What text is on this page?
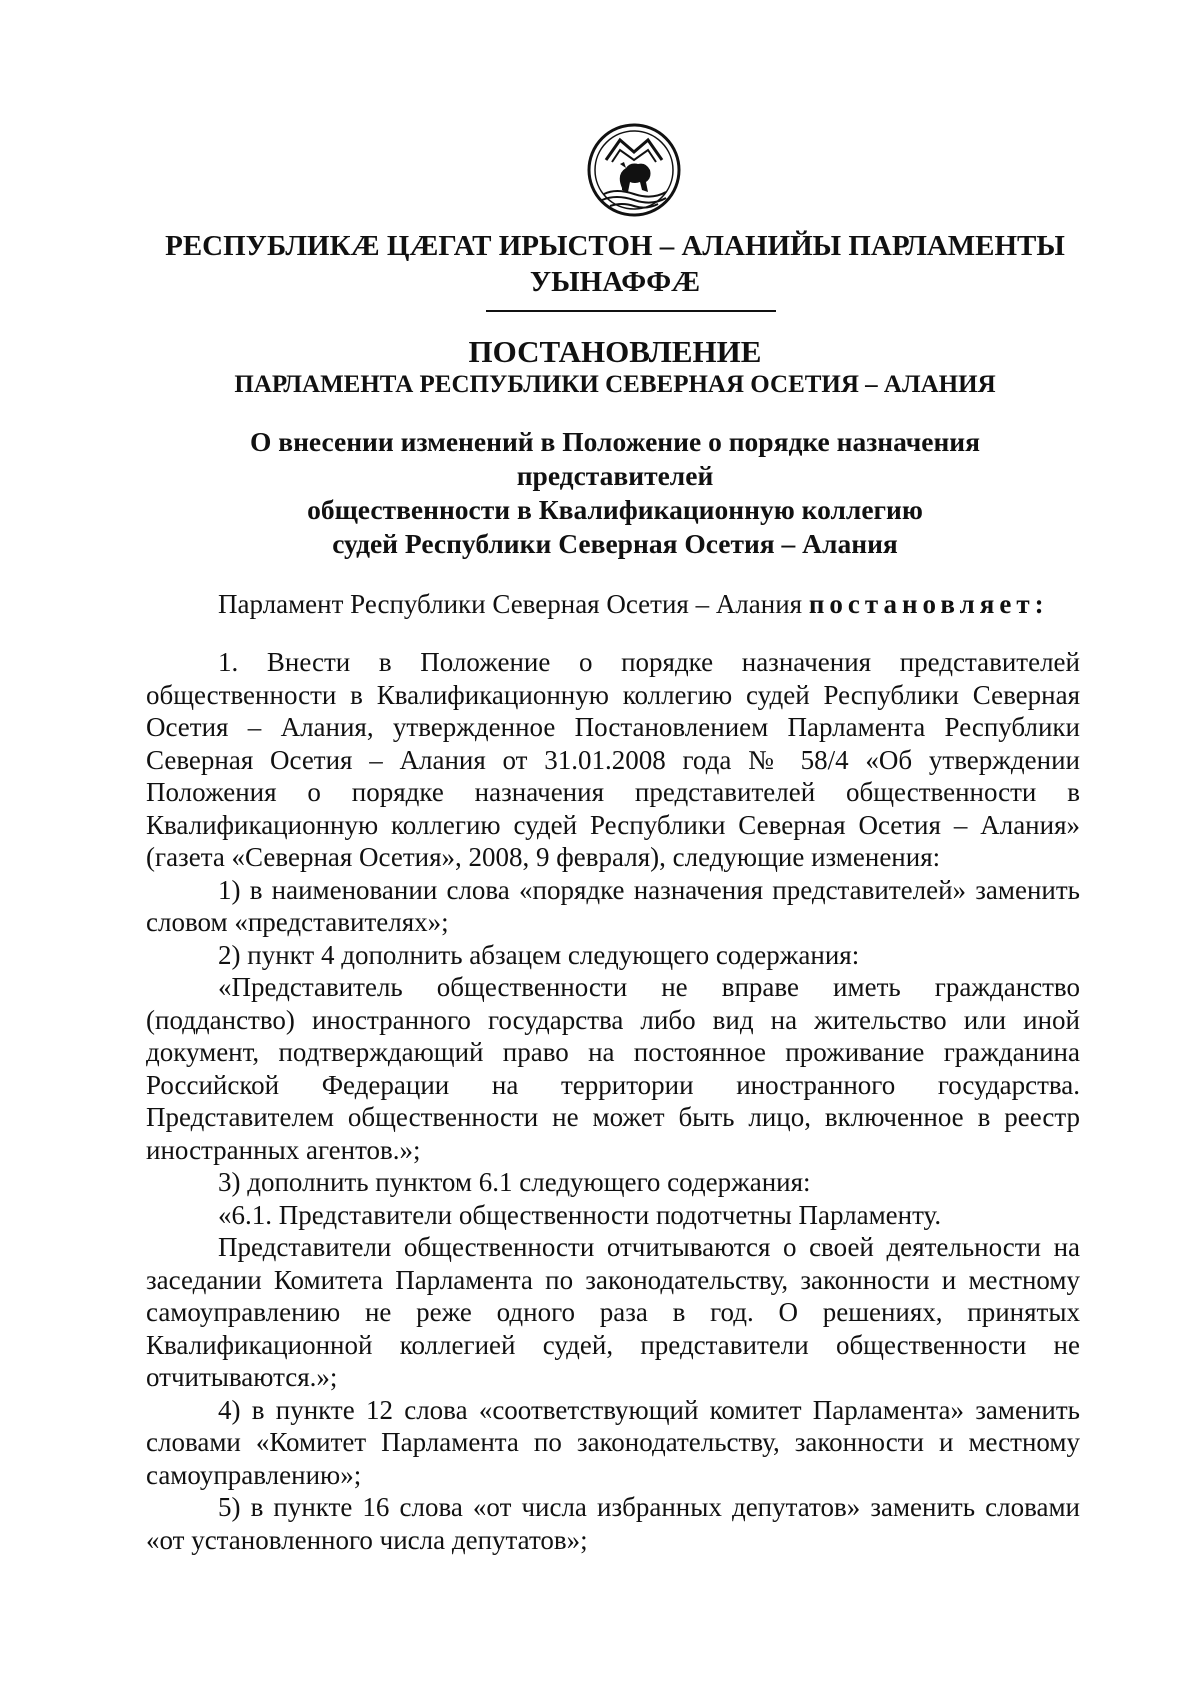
РЕСПУБЛИКӔ ЦӔГАТ ИРЫСТОН – АЛАНИЙЫ ПАРЛАМЕНТЫ
УЫНАФФӔ
ПОСТАНОВЛЕНИЕ
ПАРЛАМЕНТА РЕСПУБЛИКИ СЕВЕРНАЯ ОСЕТИЯ – АЛАНИЯ
О внесении изменений в Положение о порядке назначения представителей
общественности в Квалификационную коллегию
судей Республики Северная Осетия – Алания
Парламент Республики Северная Осетия – Алания постановляет:

1. Внести в Положение о порядке назначения представителей общественности в Квалификационную коллегию судей Республики Северная Осетия – Алания, утвержденное Постановлением Парламента Республики Северная Осетия – Алания от 31.01.2008 года № 58/4 «Об утверждении Положения о порядке назначения представителей общественности в Квалификационную коллегию судей Республики Северная Осетия – Алания» (газета «Северная Осетия», 2008, 9 февраля), следующие изменения:

1) в наименовании слова «порядке назначения представителей» заменить словом «представителях»;

2) пункт 4 дополнить абзацем следующего содержания:

«Представитель общественности не вправе иметь гражданство (подданство) иностранного государства либо вид на жительство или иной документ, подтверждающий право на постоянное проживание гражданина Российской Федерации на территории иностранного государства. Представителем общественности не может быть лицо, включенное в реестр иностранных агентов.»;

3) дополнить пунктом 6.1 следующего содержания:

«6.1. Представители общественности подотчетны Парламенту.

Представители общественности отчитываются о своей деятельности на заседании Комитета Парламента по законодательству, законности и местному самоуправлению не реже одного раза в год. О решениях, принятых Квалификационной коллегией судей, представители общественности не отчитываются.»;

4) в пункте 12 слова «соответствующий комитет Парламента» заменить словами «Комитет Парламента по законодательству, законности и местному самоуправлению»;

5) в пункте 16 слова «от числа избранных депутатов» заменить словами «от установленного числа депутатов»;
